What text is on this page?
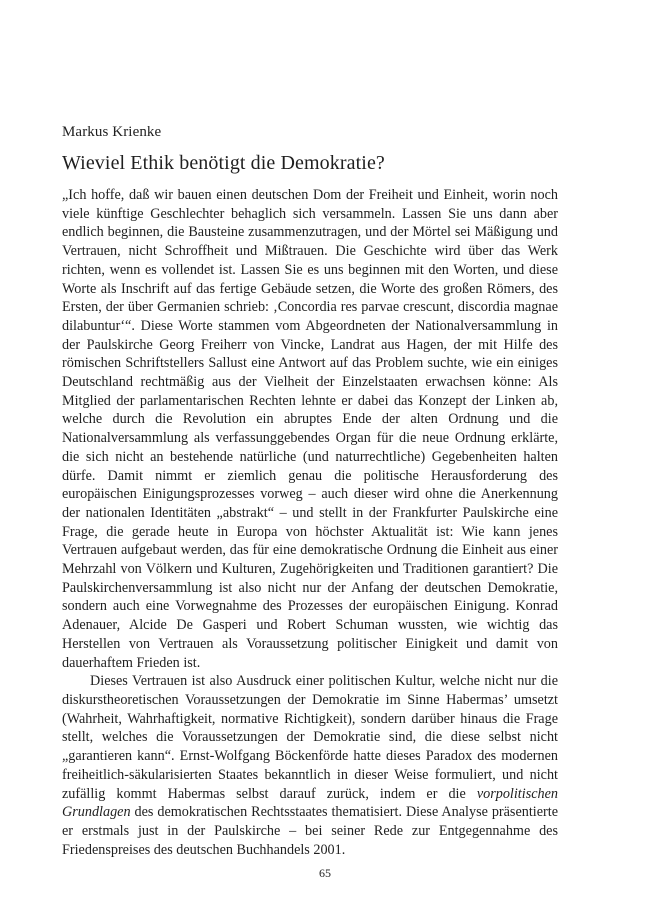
Markus Krienke
Wieviel Ethik benötigt die Demokratie?

„Ich hoffe, daß wir bauen einen deutschen Dom der Freiheit und Einheit, worin noch viele künftige Geschlechter behaglich sich versammeln. Lassen Sie uns dann aber endlich beginnen, die Bausteine zusammenzutragen, und der Mörtel sei Mäßigung und Vertrauen, nicht Schroffheit und Mißtrauen. Die Geschichte wird über das Werk richten, wenn es vollendet ist. Lassen Sie es uns beginnen mit den Worten, und diese Worte als Inschrift auf das fertige Gebäude setzen, die Worte des großen Römers, des Ersten, der über Germanien schrieb: ‚Concordia res parvae crescunt, discordia magnae dilabuntur‘“. Diese Worte stammen vom Abgeordneten der Nationalversammlung in der Paulskirche Georg Freiherr von Vincke, Landrat aus Hagen, der mit Hilfe des römischen Schriftstellers Sallust eine Antwort auf das Problem suchte, wie ein einiges Deutschland rechtmäßig aus der Vielheit der Einzelstaaten erwachsen könne: Als Mitglied der parlamentarischen Rechten lehnte er dabei das Konzept der Linken ab, welche durch die Revolution ein abruptes Ende der alten Ordnung und die Nationalversammlung als verfassunggebendes Organ für die neue Ordnung erklärte, die sich nicht an bestehende natürliche (und naturrechtliche) Gegebenheiten halten dürfe. Damit nimmt er ziemlich genau die politische Herausforderung des europäischen Einigungsprozesses vorweg – auch dieser wird ohne die Anerkennung der nationalen Identitäten „abstrakt“ – und stellt in der Frankfurter Paulskirche eine Frage, die gerade heute in Europa von höchster Aktualität ist: Wie kann jenes Vertrauen aufgebaut werden, das für eine demokratische Ordnung die Einheit aus einer Mehrzahl von Völkern und Kulturen, Zugehörigkeiten und Traditionen garantiert? Die Paulskirchenversammlung ist also nicht nur der Anfang der deutschen Demokratie, sondern auch eine Vorwegnahme des Prozesses der europäischen Einigung. Konrad Adenauer, Alcide De Gasperi und Robert Schuman wussten, wie wichtig das Herstellen von Vertrauen als Voraussetzung politischer Einigkeit und damit von dauerhaftem Frieden ist.

Dieses Vertrauen ist also Ausdruck einer politischen Kultur, welche nicht nur die diskurstheoretischen Voraussetzungen der Demokratie im Sinne Habermas’ umsetzt (Wahrheit, Wahrhaftigkeit, normative Richtigkeit), sondern darüber hinaus die Frage stellt, welches die Voraussetzungen der Demokratie sind, die diese selbst nicht „garantieren kann“. Ernst-Wolfgang Böckenförde hatte dieses Paradox des modernen freiheitlich-säkularisierten Staates bekanntlich in dieser Weise formuliert, und nicht zufällig kommt Habermas selbst darauf zurück, indem er die vorpolitischen Grundlagen des demokratischen Rechtsstaates thematisiert. Diese Analyse präsentierte er erstmals just in der Paulskirche – bei seiner Rede zur Entgegennahme des Friedenspreises des deutschen Buchhandels 2001.

65
